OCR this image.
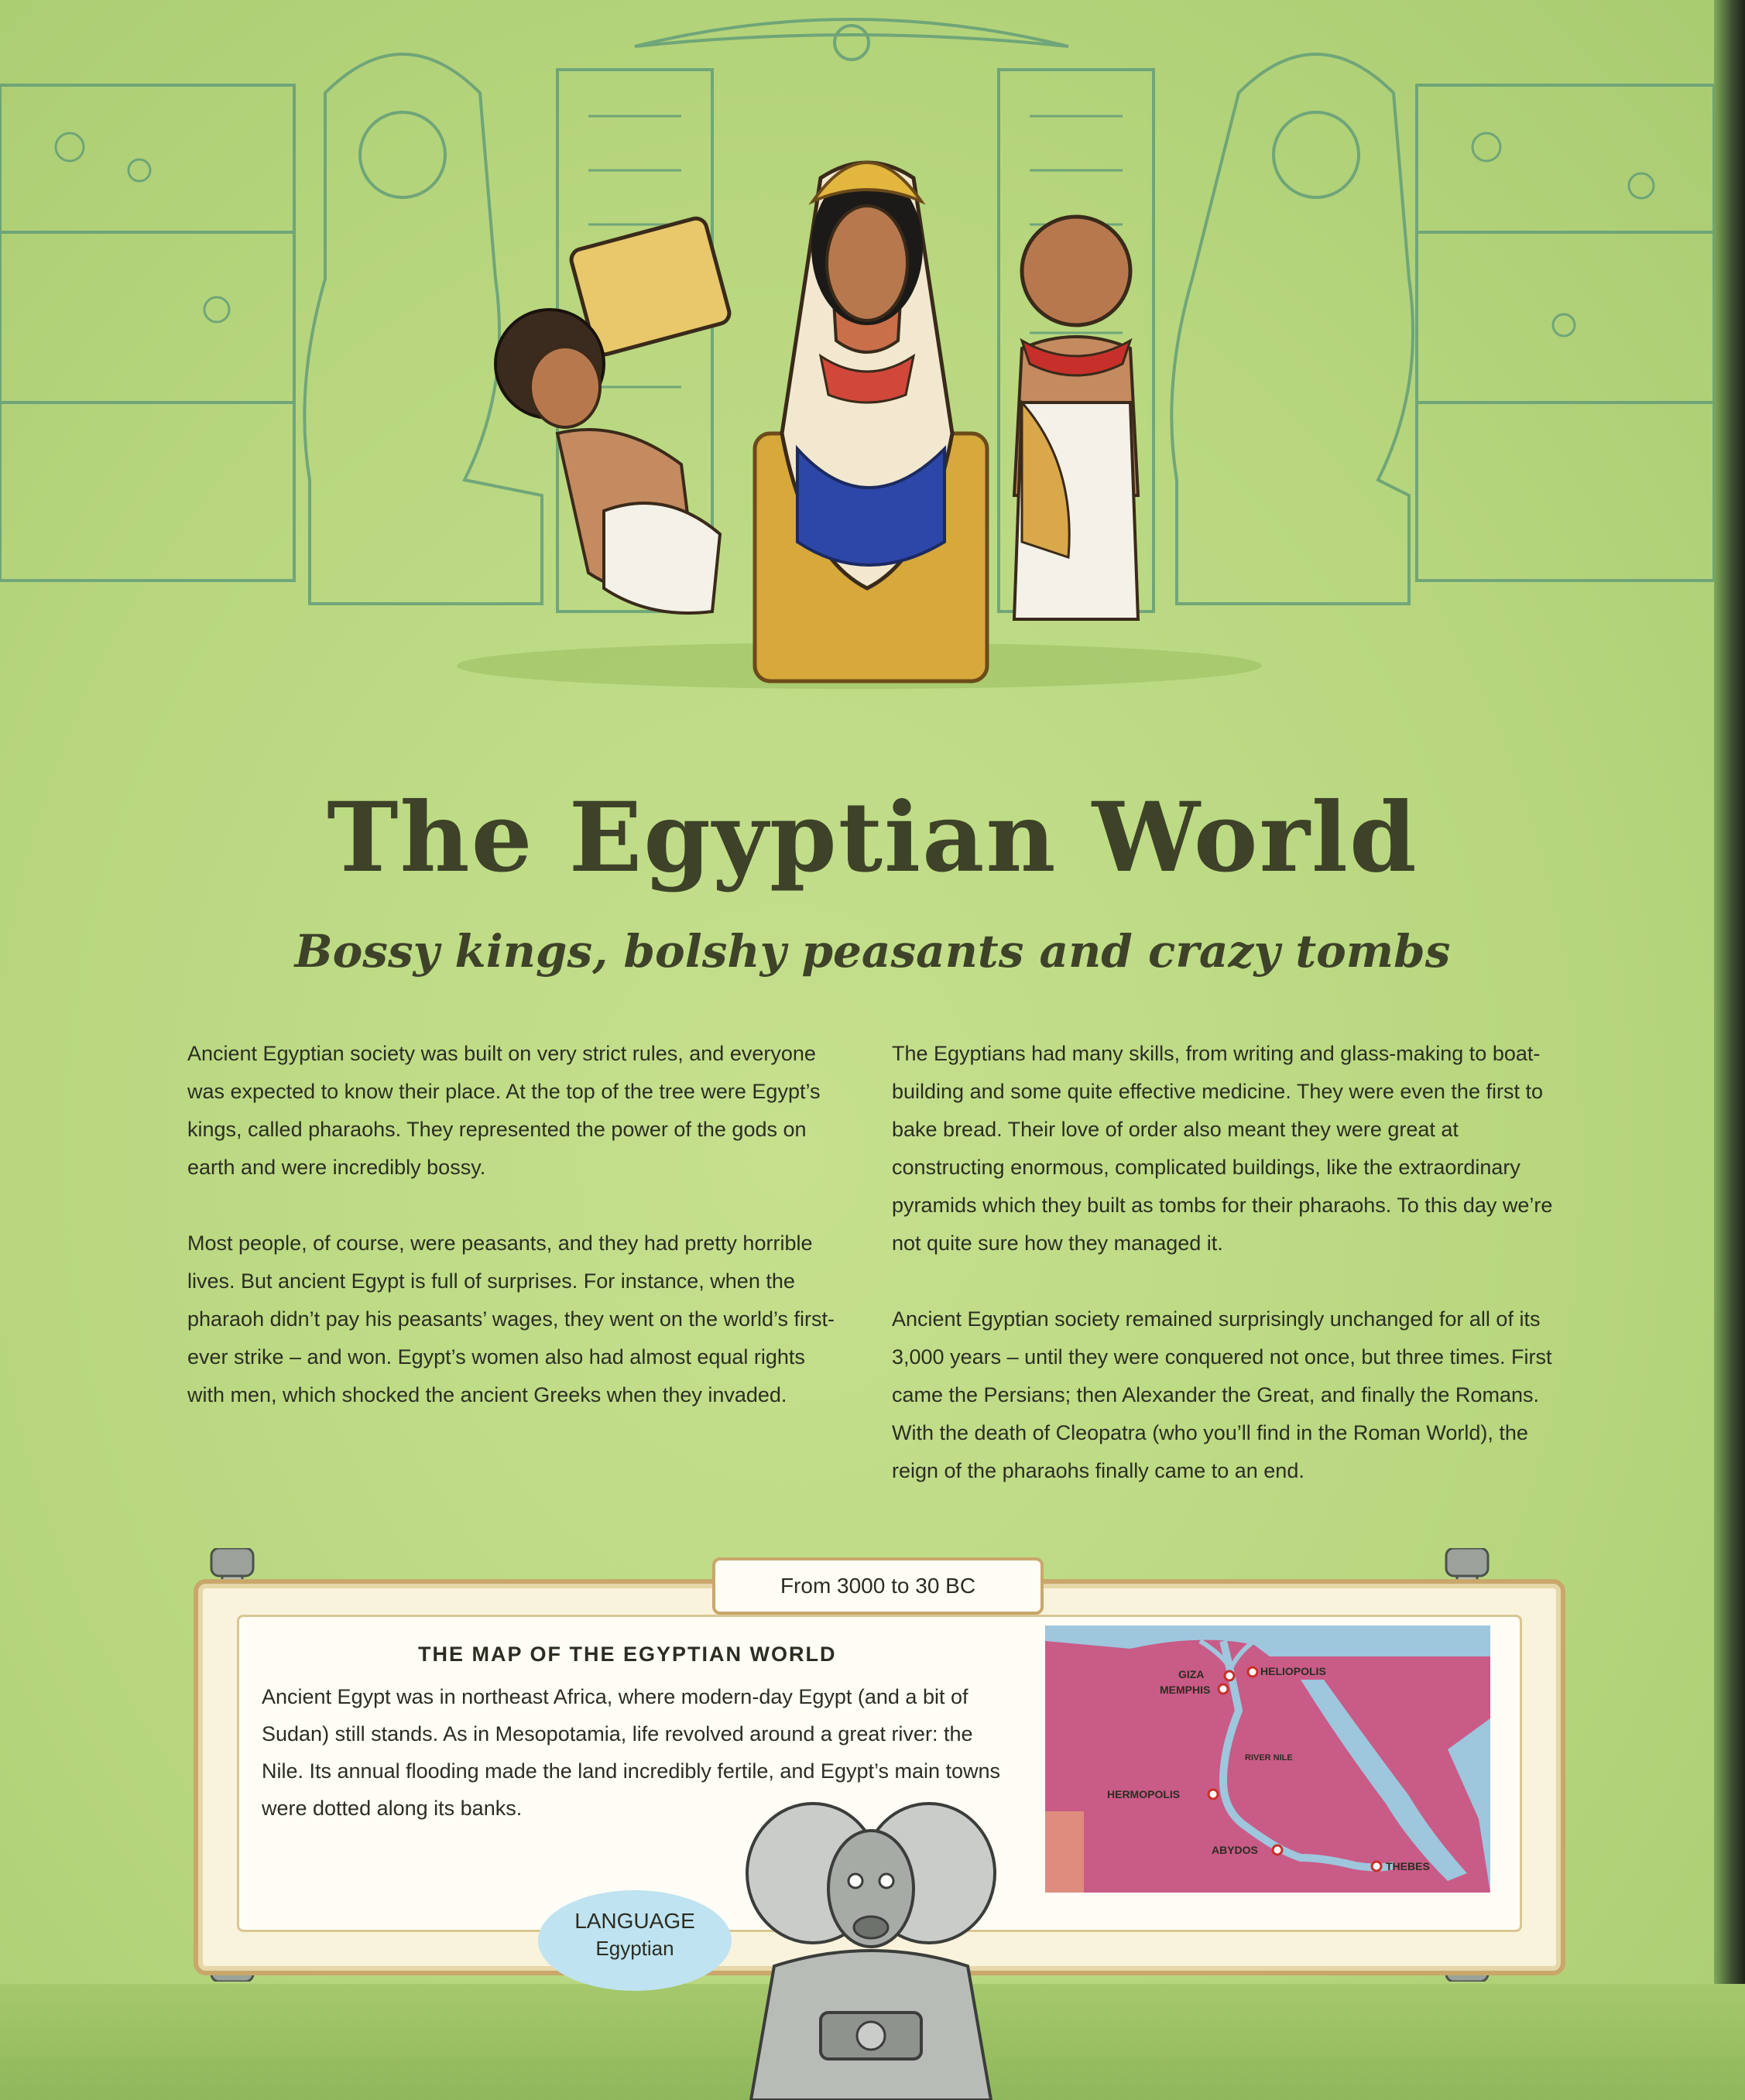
The Egyptian World
Bossy kings, bolshy peasants and crazy tombs

Ancient Egyptian society was built on very strict rules, and everyone was expected to know their place. At the top of the tree were Egypt’s kings, called pharaohs. They represented the power of the gods on earth and were incredibly bossy.

Most people, of course, were peasants, and they had pretty horrible lives. But ancient Egypt is full of surprises. For instance, when the pharaoh didn’t pay his peasants’ wages, they went on the world’s first-ever strike – and won. Egypt’s women also had almost equal rights with men, which shocked the ancient Greeks when they invaded.

The Egyptians had many skills, from writing and glass-making to boat-building and some quite effective medicine. They were even the first to bake bread. Their love of order also meant they were great at constructing enormous, complicated buildings, like the extraordinary pyramids which they built as tombs for their pharaohs. To this day we’re not quite sure how they managed it.

Ancient Egyptian society remained surprisingly unchanged for all of its 3,000 years – until they were conquered not once, but three times. First came the Persians; then Alexander the Great, and finally the Romans. With the death of Cleopatra (who you’ll find in the Roman World), the reign of the pharaohs finally came to an end.

From 3000 to 30 BC
THE MAP OF THE EGYPTIAN WORLD
Ancient Egypt was in northeast Africa, where modern-day Egypt (and a bit of Sudan) still stands. As in Mesopotamia, life revolved around a great river: the Nile. Its annual flooding made the land incredibly fertile, and Egypt’s main towns were dotted along its banks.
GIZA
MEMPHIS
HELIOPOLIS
RIVER NILE
HERMOPOLIS
ABYDOS
THEBES
LANGUAGE
Egyptian
